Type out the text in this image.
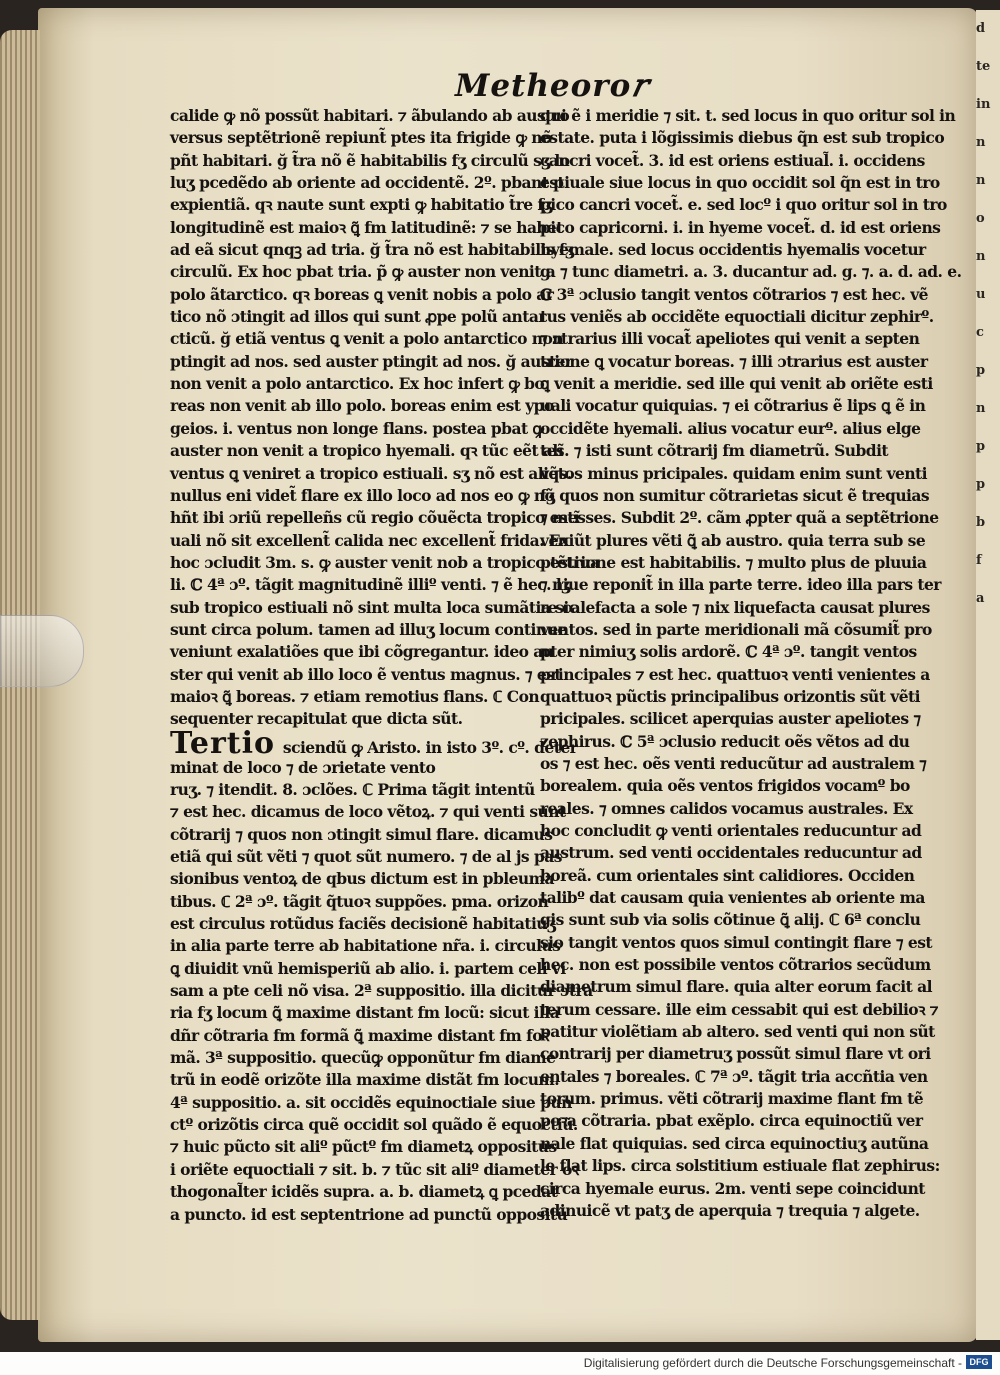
d
te
in
n
n
o
n
u
c
p
n
p
p
b
f
a
Metheoro𝑟
calide ꝙ nõ possũt habitari. ⁊ ãbulando ab austro
versus septẽtrionẽ repiunt̃ ptes ita frigide ꝙ nõ
pñt habitari. ğ t̃ra nõ ẽ habitabilis fʒ circulũ sʒ lo
luʒ pcedẽdo ab oriente ad occidentẽ. 2º. pbant p
expientiã. qꝛ naute sunt expti ꝙ habitatio t̃re fʒ
longitudinẽ est maioꝛ ꝗ̃ fm latitudinẽ: ⁊ se habet
ad eã sicut qnqꝫ ad tria. ğ t̃ra nõ est habitabilis fʒ
circulũ. Ex hoc pbat tria. p̃ ꝙ auster non venit a
polo ãtarctico. qꝛ boreas ꝗ venit nobis a polo ar
tico nõ ɔtingit ad illos qui sunt ꝓpe polũ antar
cticũ. ğ etiã ventus ꝗ venit a polo antarctico non
ptingit ad nos. sed auster ptingit ad nos. ğ auster
non venit a polo antarctico. Ex hoc infert ꝙ bo
reas non venit ab illo polo. boreas enim est ypo
geios. i. ventus non longe flans. postea pbat ꝙ
auster non venit a tropico hyemali. qꝛ tũc eẽt alĩ
ventus ꝗ veniret a tropico estiuali. sʒ nõ est aliqs.
nullus eni videt̃ flare ex illo loco ad nos eo ꝙ nõ
hñt ibi ɔriũ repelleñs cũ regio cõuẽcta tropico estĩ
uali nõ sit excellent̃ calida nec excellent̃ frida. Ex
hoc ɔcludit 3m. s. ꝙ auster venit nob a tropico estiua
li. ℂ 4ª ɔº. tãgit magnitudinẽ illiº venti. ⁊ ẽ hec. lʒ
sub tropico estiuali nõ sint multa loca sumãtia sic
sunt circa polum. tamen ad illuʒ locum continue
veniunt exalatiões que ibi cõgregantur. ideo au
ster qui venit ab illo loco ẽ ventus magnus. ⁊ est
maioꝛ ꝗ̃ boreas. ⁊ etiam remotius flans. ℂ Con
sequenter recapitulat que dicta sũt.
Tertio sciendũ ꝙ Aristo. in isto 3º. cº. deter
minat de loco ⁊ de ɔrietate vento
ruʒ. ⁊ itendit. 8. ɔclões. ℂ Prima tãgit intentũ
⁊ est hec. dicamus de loco vẽtoꝝ. ⁊ qui venti sunt
cõtrarij ⁊ quos non ɔtingit simul flare. dicamus
etiã qui sũt vẽti ⁊ quot sũt numero. ⁊ de al js pas
sionibus ventoꝝ de qbus dictum est in pbleuma
tibus. ℂ 2ª ɔº. tãgit q̃tuoꝛ suppões. pma. orizon
est circulus rotũdus faciẽs decisionẽ habitatiuʒ
in alia parte terre ab habitatione nr̃a. i. circulus
ꝗ diuidit vnũ hemisperiũ ab alio. i. partem celi vi
sam a pte celi nõ visa. 2ª suppositio. illa dicitur ɔtra
ria fʒ locum ꝗ̃ maxime distant fm locũ: sicut illa
dñr cõtraria fm formã ꝗ̃ maxime distant fm foꝛ
mã. 3ª suppositio. quecũꝙ opponũtur fm diame
trũ in eodẽ orizõte illa maxime distãt fm locum.
4ª suppositio. a. sit occidẽs equinoctiale siue pun
ctº orizõtis circa quẽ occidit sol quãdo ẽ equoctiũ.
⁊ huic pũcto sit aliº pũctº fm diametꝝ oppositus
i oriẽte equoctiali ⁊ sit. b. ⁊ tũc sit aliº diameter oꝛ
thogonal̃ter icidẽs supra. a. b. diametꝝ ꝗ pcedat
a puncto. id est septentrione ad punctũ oppositũ
qui ẽ i meridie ⁊ sit. t. sed locus in quo oritur sol in
estate. puta i lõgissimis diebus q̃n est sub tropico
cancri vocet̃. 3. id est oriens estiual̃. i. occidens
estiuale siue locus in quo occidit sol q̃n est in tro
pico cancri vocet̃. e. sed locº i quo oritur sol in tro
pico capricorni. i. in hyeme vocet̃. d. id est oriens
hyemale. sed locus occidentis hyemalis vocetur
g. ⁊ tunc diametri. a. 3. ducantur ad. g. ⁊. a. d. ad. e.
ℂ 3ª ɔclusio tangit ventos cõtrarios ⁊ est hec. vẽ
tus veniẽs ab occidẽte equoctiali dicitur zephirº.
⁊ ɔtrarius illi vocat̃ apeliotes qui venit a septen
trione ꝗ vocatur boreas. ⁊ illi ɔtrarius est auster
ꝗ venit a meridie. sed ille qui venit ab oriẽte esti
uali vocatur quiquias. ⁊ ei cõtrarius ẽ lips ꝗ ẽ in
occidẽte hyemali. alius vocatur eurº. alius elge
tes. ⁊ isti sunt cõtrarij fm diametrũ. Subdit
vẽtos minus pricipales. quidam enim sunt venti
fʒ quos non sumitur cõtrarietas sicut ẽ trequias
⁊ messes. Subdit 2º. cãm ꝓpter quã a septẽtrione
veniũt plures vẽti ꝗ̃ ab austro. quia terra sub se
ptẽtrione est habitabilis. ⁊ multo plus de pluuia
⁊ niue reponit̃ in illa parte terre. ideo illa pars ter
re calefacta a sole ⁊ nix liquefacta causat plures
ventos. sed in parte meridionali mã cõsumit̃ pro
pter nimiuʒ solis ardorẽ. ℂ 4ª ɔº. tangit ventos
principales ⁊ est hec. quattuoꝛ venti venientes a
quattuoꝛ pũctis principalibus orizontis sũt vẽti
pricipales. scilicet aperquias auster apeliotes ⁊
zephirus. ℂ 5ª ɔclusio reducit oẽs vẽtos ad du
os ⁊ est hec. oẽs venti reducũtur ad australem ⁊
borealem. quia oẽs ventos frigidos vocamº bo
reales. ⁊ omnes calidos vocamus australes. Ex
hoc concludit ꝙ venti orientales reducuntur ad
austrum. sed venti occidentales reducuntur ad
boreã. cum orientales sint calidiores. Occiden
talibº dat causam quia venientes ab oriente ma
gis sunt sub via solis cõtinue ꝗ̃ alij. ℂ 6ª conclu
sio tangit ventos quos simul contingit flare ⁊ est
hec. non est possibile ventos cõtrarios secũdum
diametrum simul flare. quia alter eorum facit al
terum cessare. ille eim cessabit qui est debilioꝛ ⁊
patitur violẽtiam ab altero. sed venti qui non sũt
contrarij per diametruʒ possũt simul flare vt ori
entales ⁊ boreales. ℂ 7ª ɔº. tãgit tria accñtia ven
torum. primus. vẽti cõtrarij maxime flant fm tẽ
poꝛa cõtraria. pbat exẽplo. circa equinoctiũ ver
nale flat quiquias. sed circa equinoctiuʒ autũna
le flat lips. circa solstitium estiuale flat zephirus:
circa hyemale eurus. 2m. venti sepe coincidunt
adinuicẽ vt patʒ de aperquia ⁊ trequia ⁊ algete.
Digitalisierung gefördert durch die Deutsche Forschungsgemeinschaft - DFG
